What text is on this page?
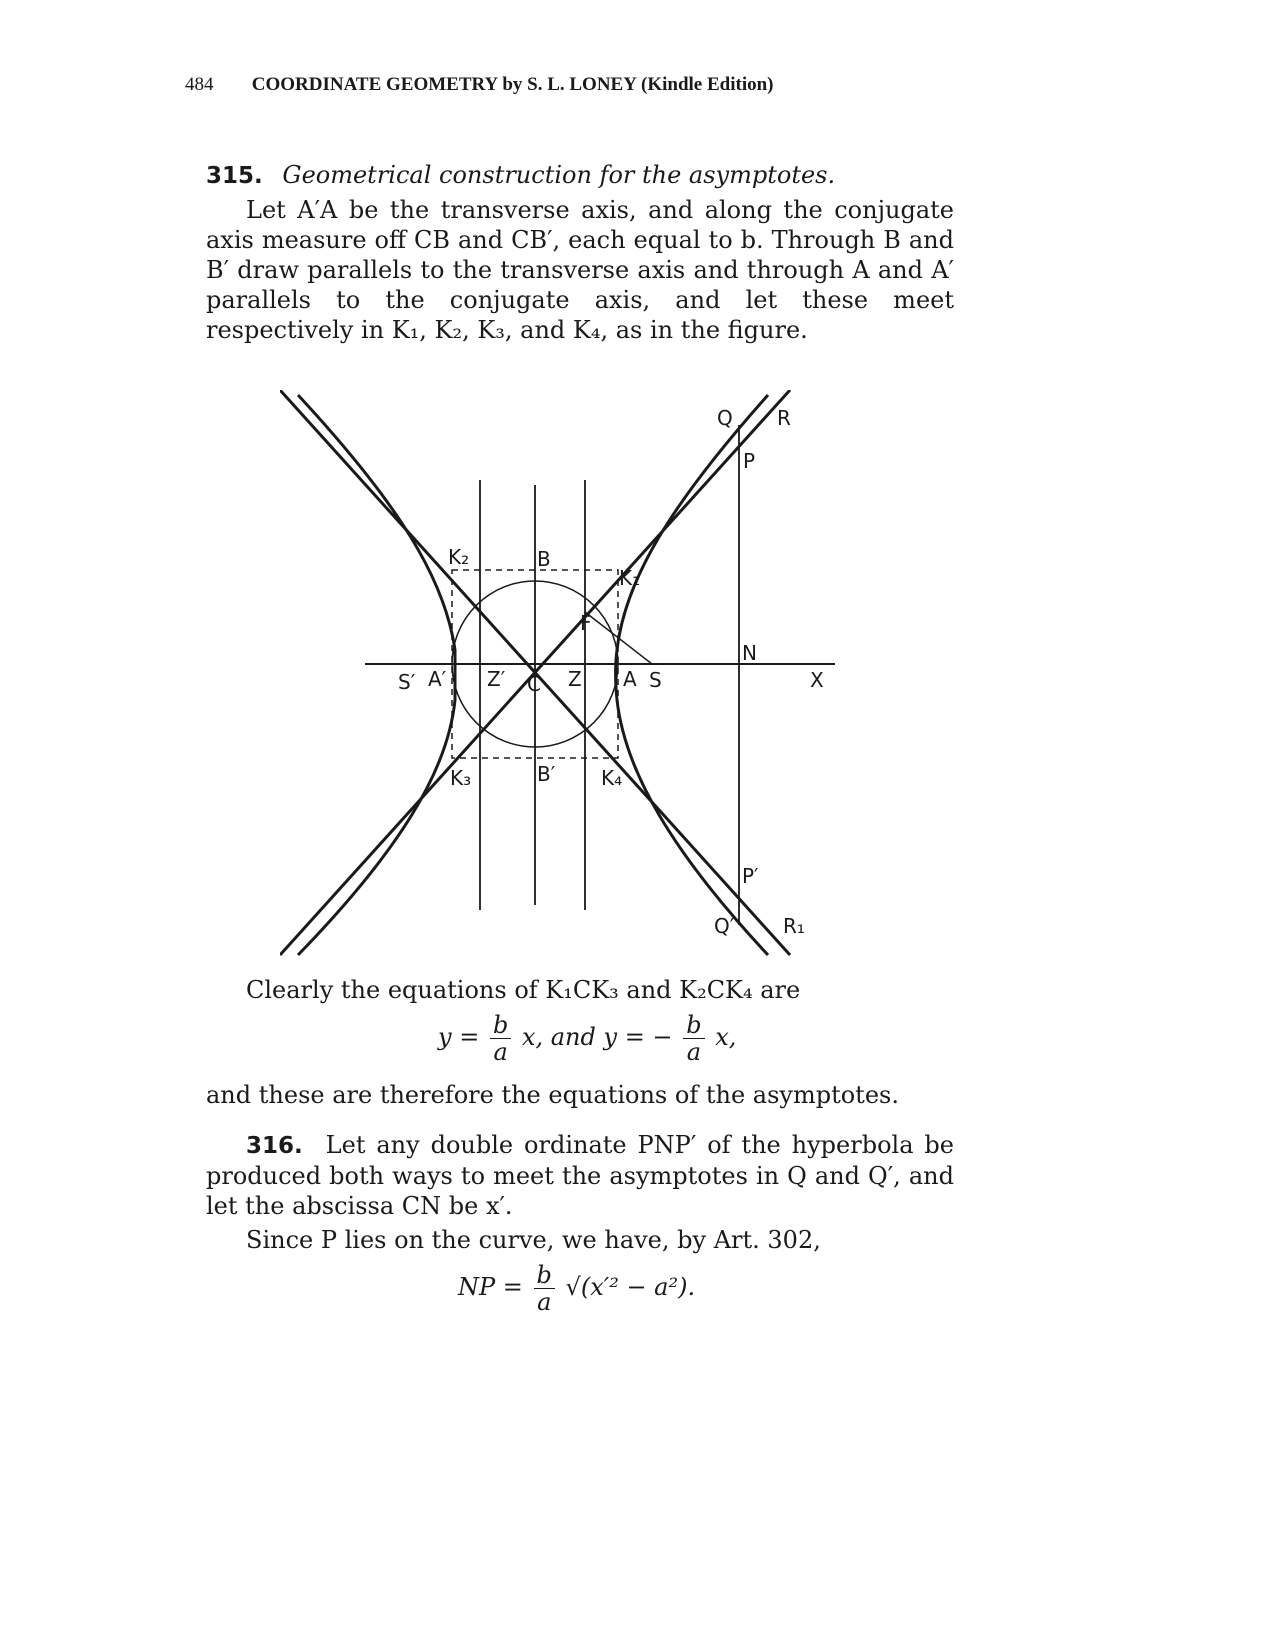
484 COORDINATE GEOMETRY by S. L. LONEY (Kindle Edition)
315. Geometrical construction for the asymptotes.
Let A′A be the transverse axis, and along the conjugate axis measure off CB and CB′, each equal to b. Through B and B′ draw parallels to the transverse axis and through A and A′ parallels to the conjugate axis, and let these meet respectively in K₁, K₂, K₃, and K₄, as in the figure.
Q R
P
N
X
S′ A′ Z′ C Z A S
B
B′
F
K₁
K₂
K₃	K₄
P′
Q′ R₁
Clearly the equations of K₁CK₃ and K₂CK₄ are
$y = \frac{b}{a} x$, and y = − $\frac{b}{a} x$,
and these are therefore the equations of the asymptotes.
316. Let any double ordinate PNP′ of the hyperbola be produced both ways to meet the asymptotes in Q and Q′, and let the abscissa CN be x′.
Since P lies on the curve, we have, by Art. 302,
NP = $\frac{b}{a} √(x'^2 - a^2)$.
